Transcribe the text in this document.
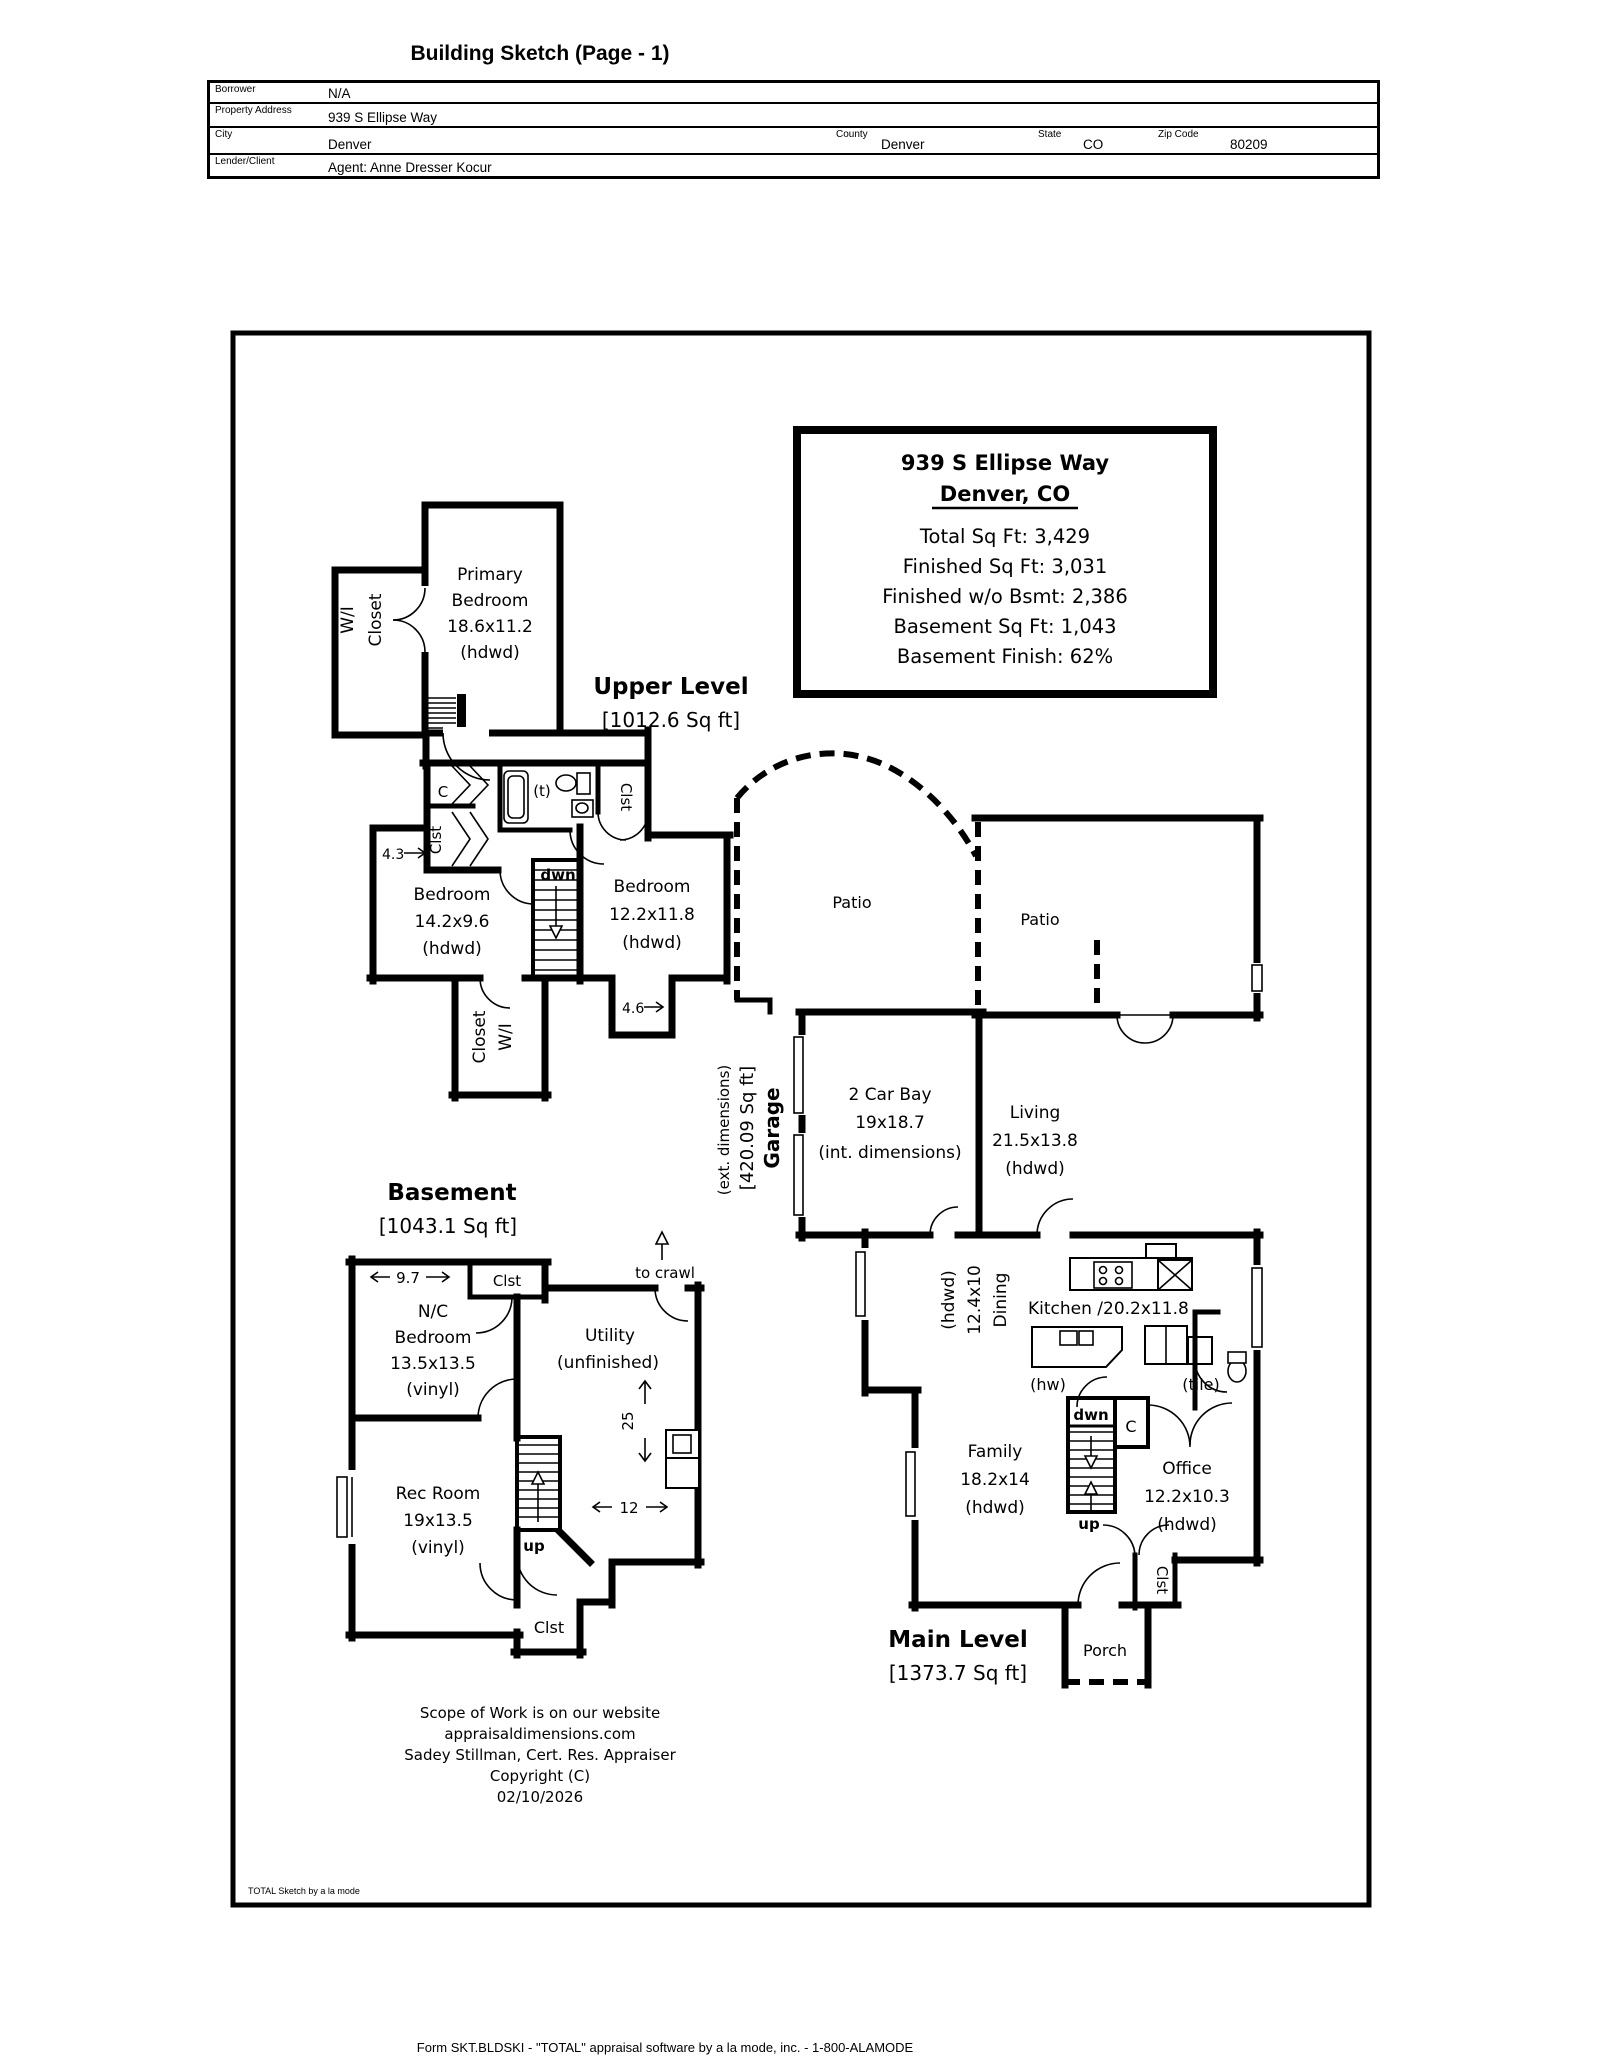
Building Sketch (Page - 1)
Borrower	N/A
Property Address	939 S Ellipse Way
City
Denver
County
Denver
State
CO
Zip Code
80209
Lender/Client	Agent: Anne Dresser Kocur
939 S Ellipse Way
Denver, CO
Total Sq Ft: 3,429
Finished Sq Ft: 3,031
Finished w/o Bsmt: 2,386
Basement Sq Ft: 1,043
Basement Finish: 62%
Upper Level
[1012.6 Sq ft]
W/I Closet
Primary
Bedroom
18.6x11.2
(hdwd)
C
Clst
4.3
Bedroom
14.2x9.6
(hdwd)
dwn
(t)	Clst
Bedroom
12.2x11.8
(hdwd)
4.6
W/I
Closet
Basement
[1043.1 Sq ft]
9.7	Clst
N/C
Bedroom
13.5x13.5
(vinyl)
Utility
(unfinished)
to crawl
25
12
Rec Room
19x13.5
(vinyl)	up
Clst
Patio
Patio
Garage
[420.09 Sq ft]
(ext. dimensions)	2 Car Bay
19x18.7
(int. dimensions)
Living
21.5x13.8
(hdwd)
Dining
12.4x10
(hdwd)	Kitchen /20.2x11.8
(hw)	(tile)
Family
18.2x14
(hdwd)
Office
12.2x10.3
(hdwd)
dwn
up
C
Clst
Porch
Main Level
[1373.7 Sq ft]
Scope of Work is on our website
appraisaldimensions.com
Sadey Stillman, Cert. Res. Appraiser
Copyright (C)
02/10/2026
TOTAL Sketch by a la mode
Form SKT.BLDSKI - "TOTAL" appraisal software by a la mode, inc. - 1-800-ALAMODE
